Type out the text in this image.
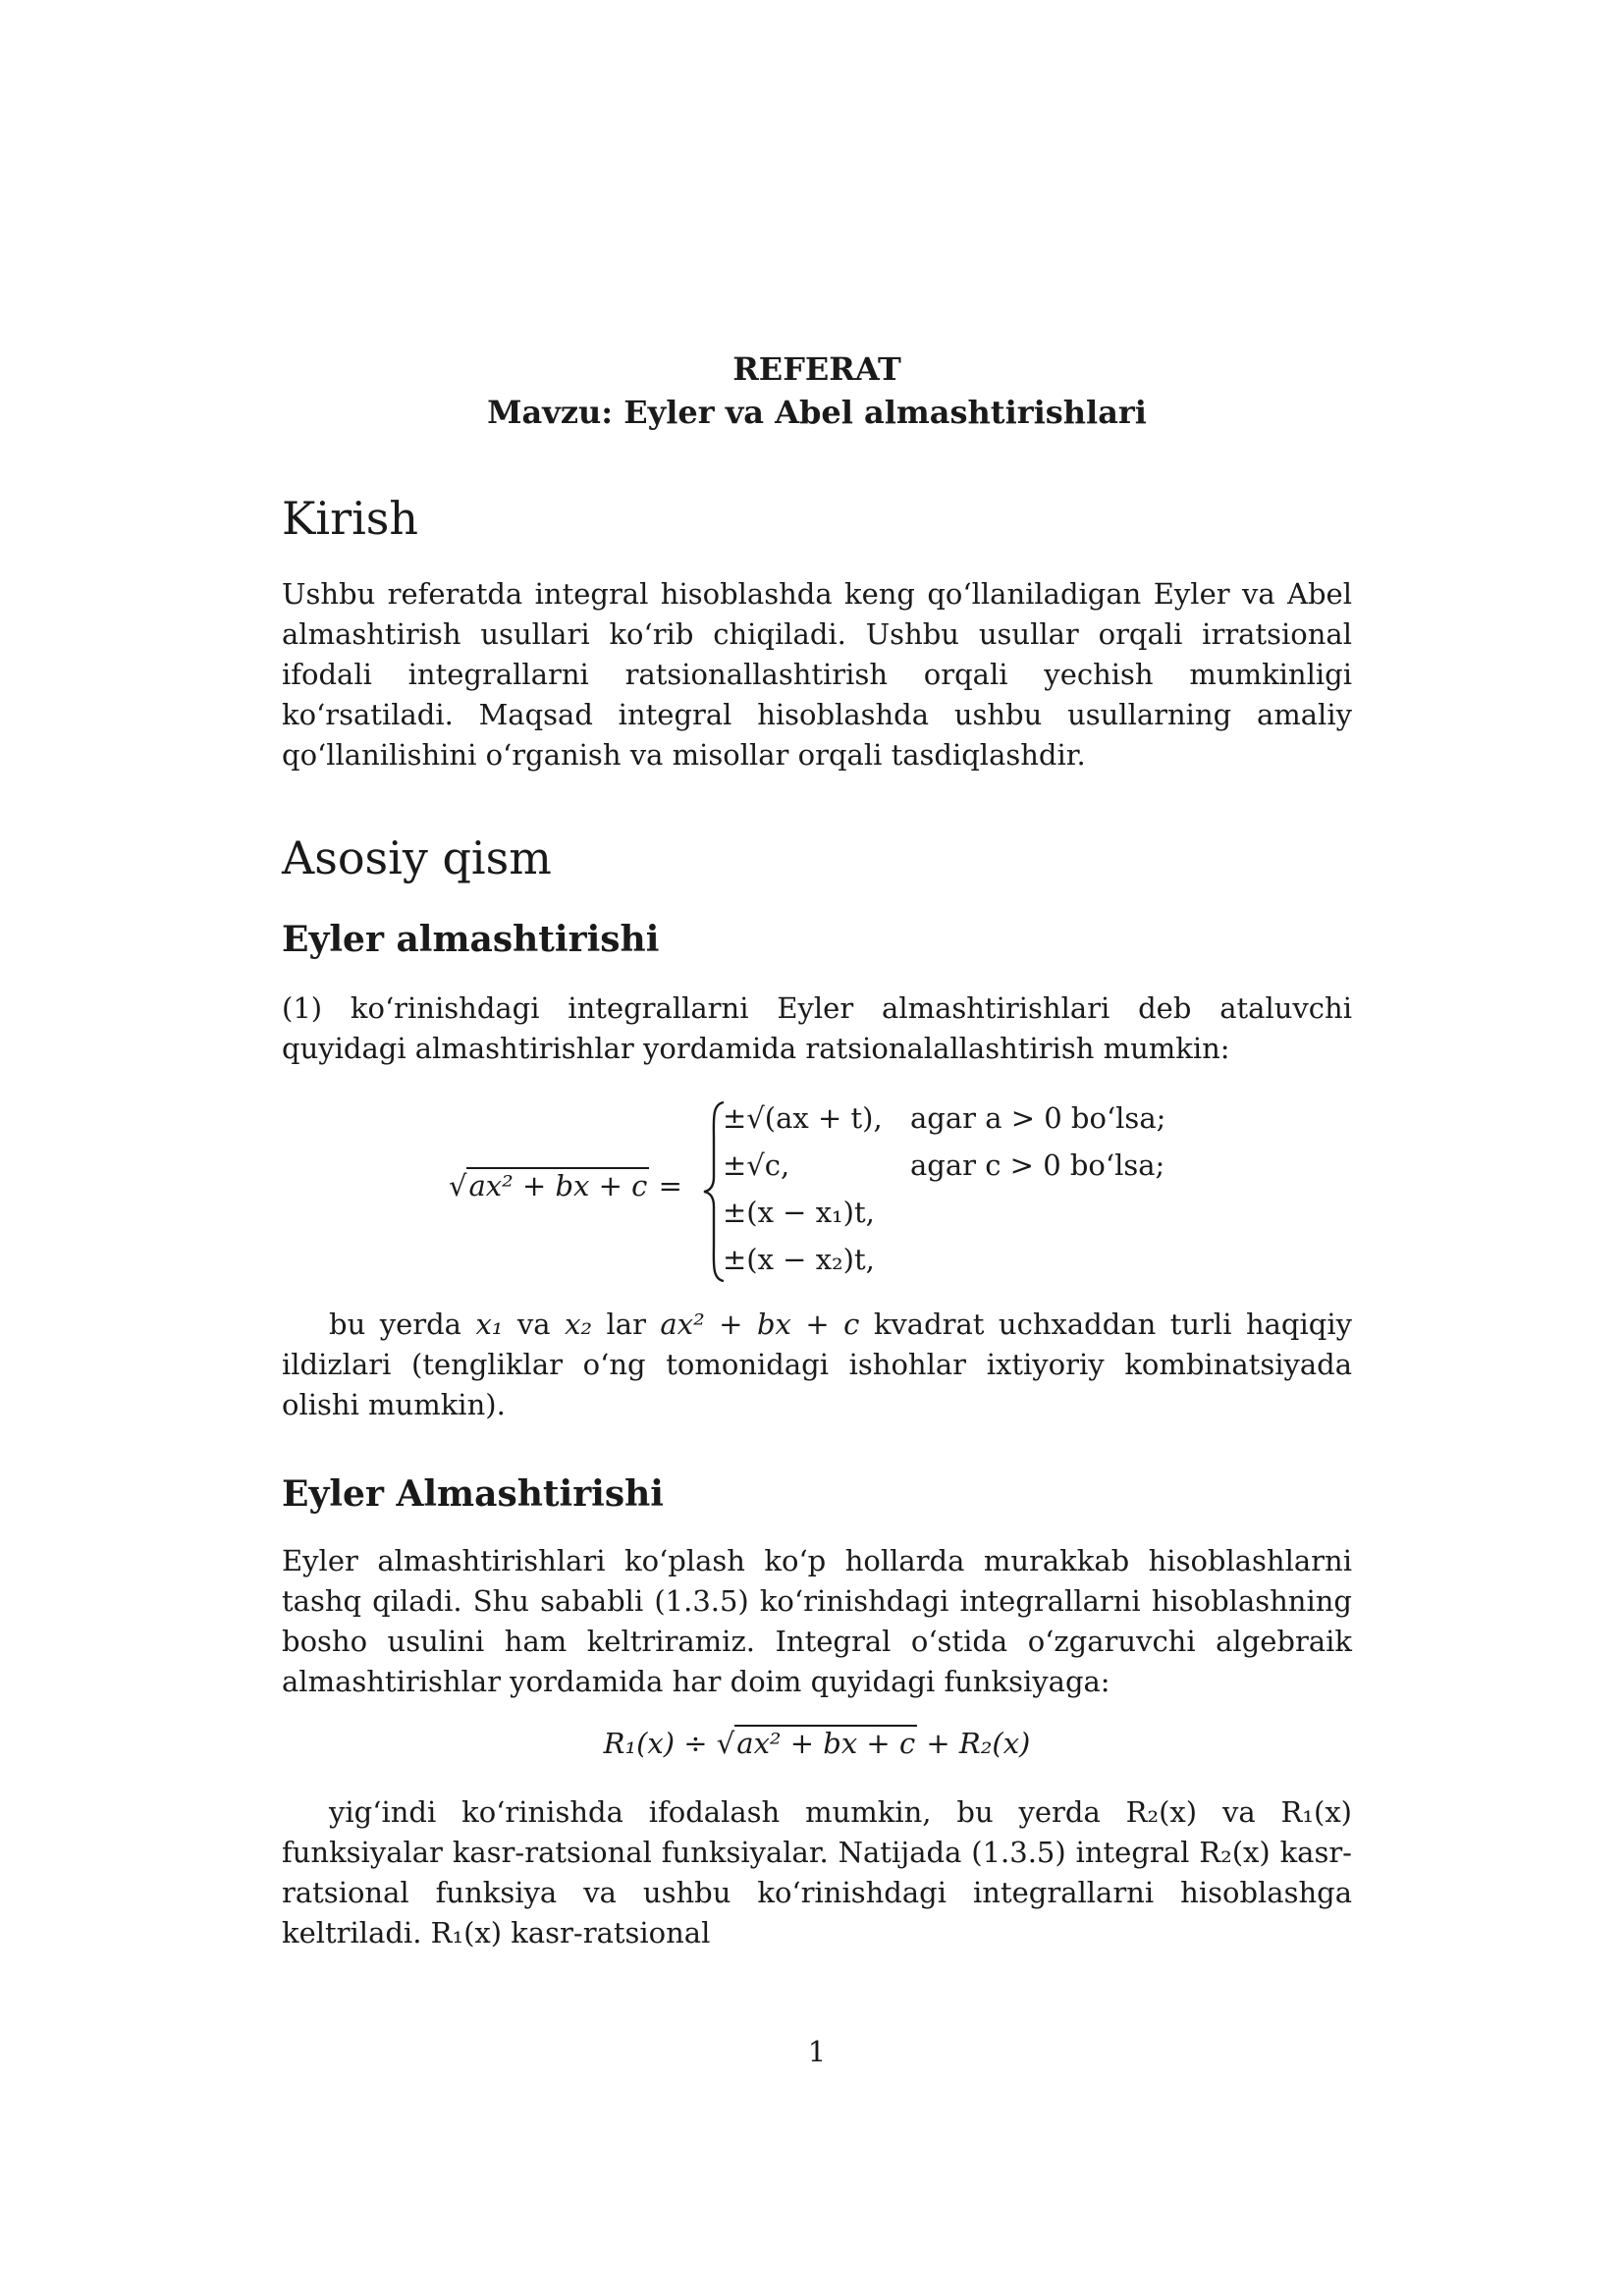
REFERAT
Mavzu: Eyler va Abel almashtirishlari
Kirish

Ushbu referatda integral hisoblashda keng qo‘llaniladigan Eyler va Abel almashtirish usullari ko‘rib chiqiladi. Ushbu usullar orqali irratsional ifodali integrallarni ratsionallashtirish orqali yechish mumkinligi ko‘rsatiladi. Maqsad integral hisoblashda ushbu usullarning amaliy qo‘llanilishini o‘rganish va misollar orqali tasdiqlashdir.

Asosiy qism
Eyler almashtirishi

(1) ko‘rinishdagi integrallarni Eyler almashtirishlari deb ataluvchi quyidagi almashtirishlar yordamida ratsionalallashtirish mumkin:

√ax² + bx + c =
±√(ax + t), agar a > 0 bo‘lsa;
±√c,	agar c > 0 bo‘lsa;
±(x − x₁)t,
±(x − x₂)t,

bu yerda x₁ va x₂ lar ax² + bx + c kvadrat uchxaddan turli haqiqiy ildizlari (tengliklar o‘ng tomonidagi ishohlar ixtiyoriy kombinatsiyada olishi mumkin).

Eyler Almashtirishi

Eyler almashtirishlari ko‘plash ko‘p hollarda murakkab hisoblashlarni tashq qiladi. Shu sababli (1.3.5) ko‘rinishdagi integrallarni hisoblashning bosho usulini ham keltriramiz. Integral o‘stida o‘zgaruvchi algebraik almashtirishlar yordamida har doim quyidagi funksiyaga:

R₁(x) ÷ √ax² + bx + c + R₂(x)

yig‘indi ko‘rinishda ifodalash mumkin, bu yerda R₂(x) va R₁(x) funksiyalar kasr-ratsional funksiyalar. Natijada (1.3.5) integral R₂(x) kasr-ratsional funksiya va ushbu ko‘rinishdagi integrallarni hisoblashga keltriladi. R₁(x) kasr-ratsional

1
